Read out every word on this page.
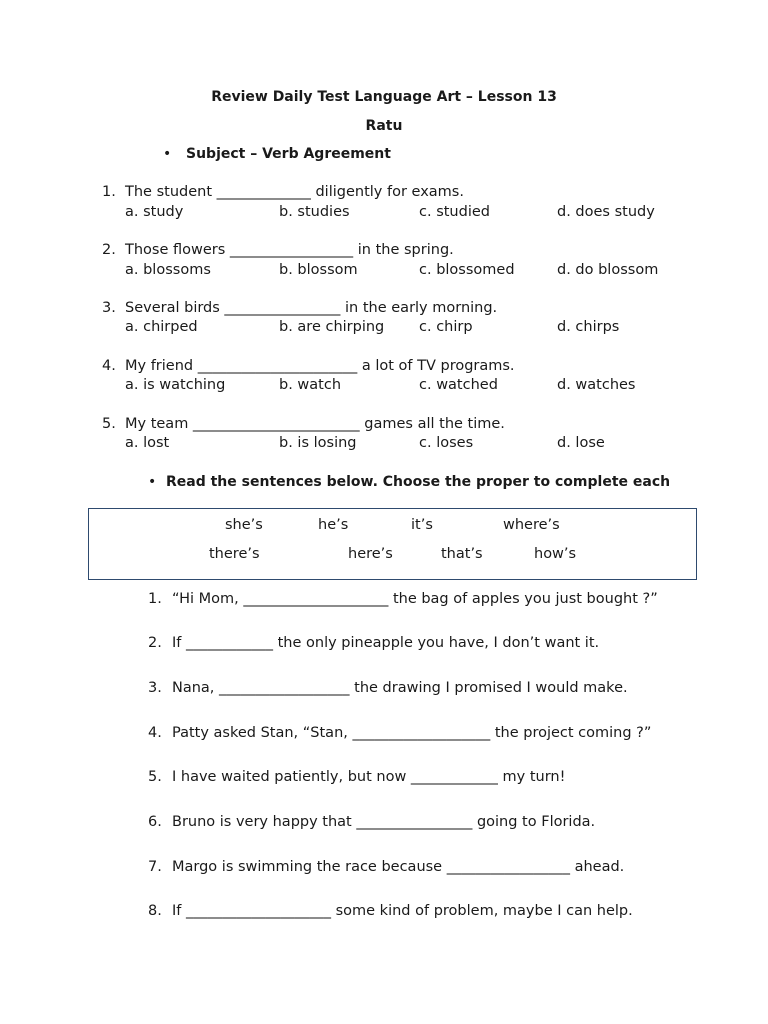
Review Daily Test Language Art – Lesson 13
Ratu
• Subject – Verb Agreement
1. The student _____________ diligently for exams.
a. study	b. studies	c. studied	d. does study
2. Those flowers _________________ in the spring.
a. blossoms	b. blossom	c. blossomed	d. do blossom
3. Several birds ________________ in the early morning.
a. chirped	b. are chirping c. chirp	d. chirps
4. My friend ______________________ a lot of TV programs.
a. is watching	b. watch	c. watched	d. watches
5. My team _______________________ games all the time.
a. lost	b. is losing	c. loses	d. lose
• Read the sentences below. Choose the proper to complete each
she’s	he’s	it’s	where’s
there’s	here’s	that’s	how’s
1. “Hi Mom, ____________________ the bag of apples you just bought ?”
2. If ____________ the only pineapple you have, I don’t want it.
3. Nana, __________________ the drawing I promised I would make.
4. Patty asked Stan, “Stan, ___________________ the project coming ?”
5. I have waited patiently, but now ____________ my turn!
6. Bruno is very happy that ________________ going to Florida.
7. Margo is swimming the race because _________________ ahead.
8. If ____________________ some kind of problem, maybe I can help.
